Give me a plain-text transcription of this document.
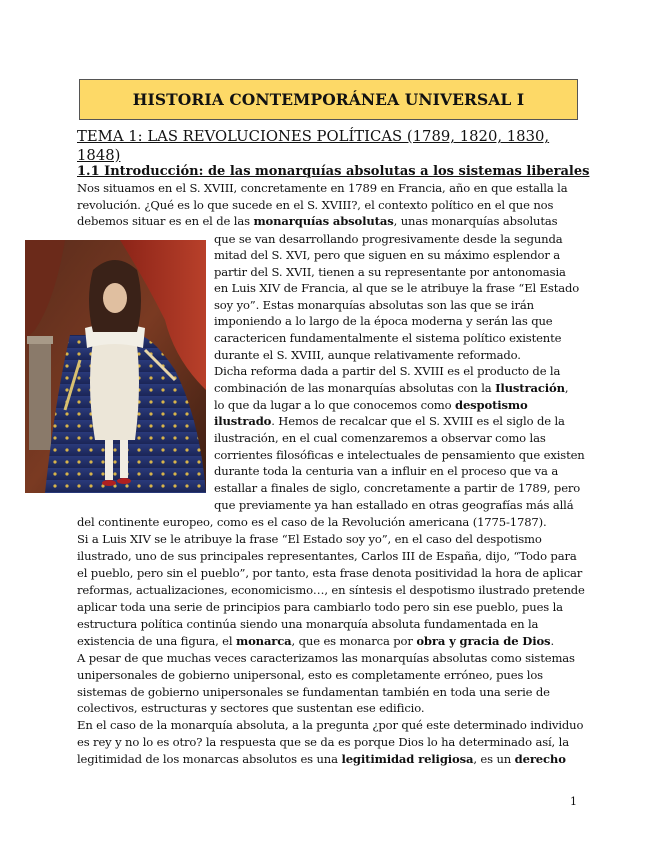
HISTORIA CONTEMPORÁNEA UNIVERSAL I
TEMA 1: LAS REVOLUCIONES POLÍTICAS (1789, 1820, 1830, 1848)
1.1 Introducción: de las monarquías absolutas a los sistemas liberales
Nos situamos en el S. XVIII, concretamente en 1789 en Francia, año en que estalla la
revolución. ¿Qué es lo que sucede en el S. XVIII?, el contexto político en el que nos
debemos situar es en el de las monarquías absolutas, unas monarquías absolutas
que se van desarrollando progresivamente desde la segunda
mitad del S. XVI, pero que siguen en su máximo esplendor a
partir del S. XVII, tienen a su representante por antonomasia
en Luis XIV de Francia, al que se le atribuye la frase “El Estado
soy yo”. Estas monarquías absolutas son las que se irán
imponiendo a lo largo de la época moderna y serán las que
caractericen fundamentalmente el sistema político existente
durante el S. XVIII, aunque relativamente reformado.
Dicha reforma dada a partir del S. XVIII es el producto de la
combinación de las monarquías absolutas con la Ilustración,
lo que da lugar a lo que conocemos como despotismo
ilustrado. Hemos de recalcar que el S. XVIII es el siglo de la
ilustración, en el cual comenzaremos a observar como las
corrientes filosóficas e intelectuales de pensamiento que existen
durante toda la centuria van a influir en el proceso que va a
estallar a finales de siglo, concretamente a partir de 1789, pero
que previamente ya han estallado en otras geografías más allá
del continente europeo, como es el caso de la Revolución americana (1775-1787).
Si a Luis XIV se le atribuye la frase “El Estado soy yo”, en el caso del despotismo
ilustrado, uno de sus principales representantes, Carlos III de España, dijo, “Todo para
el pueblo, pero sin el pueblo”, por tanto, esta frase denota positividad la hora de aplicar
reformas, actualizaciones, economicismo…, en síntesis el despotismo ilustrado pretende
aplicar toda una serie de principios para cambiarlo todo pero sin ese pueblo, pues la
estructura política continúa siendo una monarquía absoluta fundamentada en la
existencia de una figura, el monarca, que es monarca por obra y gracia de Dios.
A pesar de que muchas veces caracterizamos las monarquías absolutas como sistemas
unipersonales de gobierno unipersonal, esto es completamente erróneo, pues los
sistemas de gobierno unipersonales se fundamentan también en toda una serie de
colectivos, estructuras y sectores que sustentan ese edificio.
En el caso de la monarquía absoluta, a la pregunta ¿por qué este determinado individuo
es rey y no lo es otro? la respuesta que se da es porque Dios lo ha determinado así, la
legitimidad de los monarcas absolutos es una legitimidad religiosa, es un derecho
1
